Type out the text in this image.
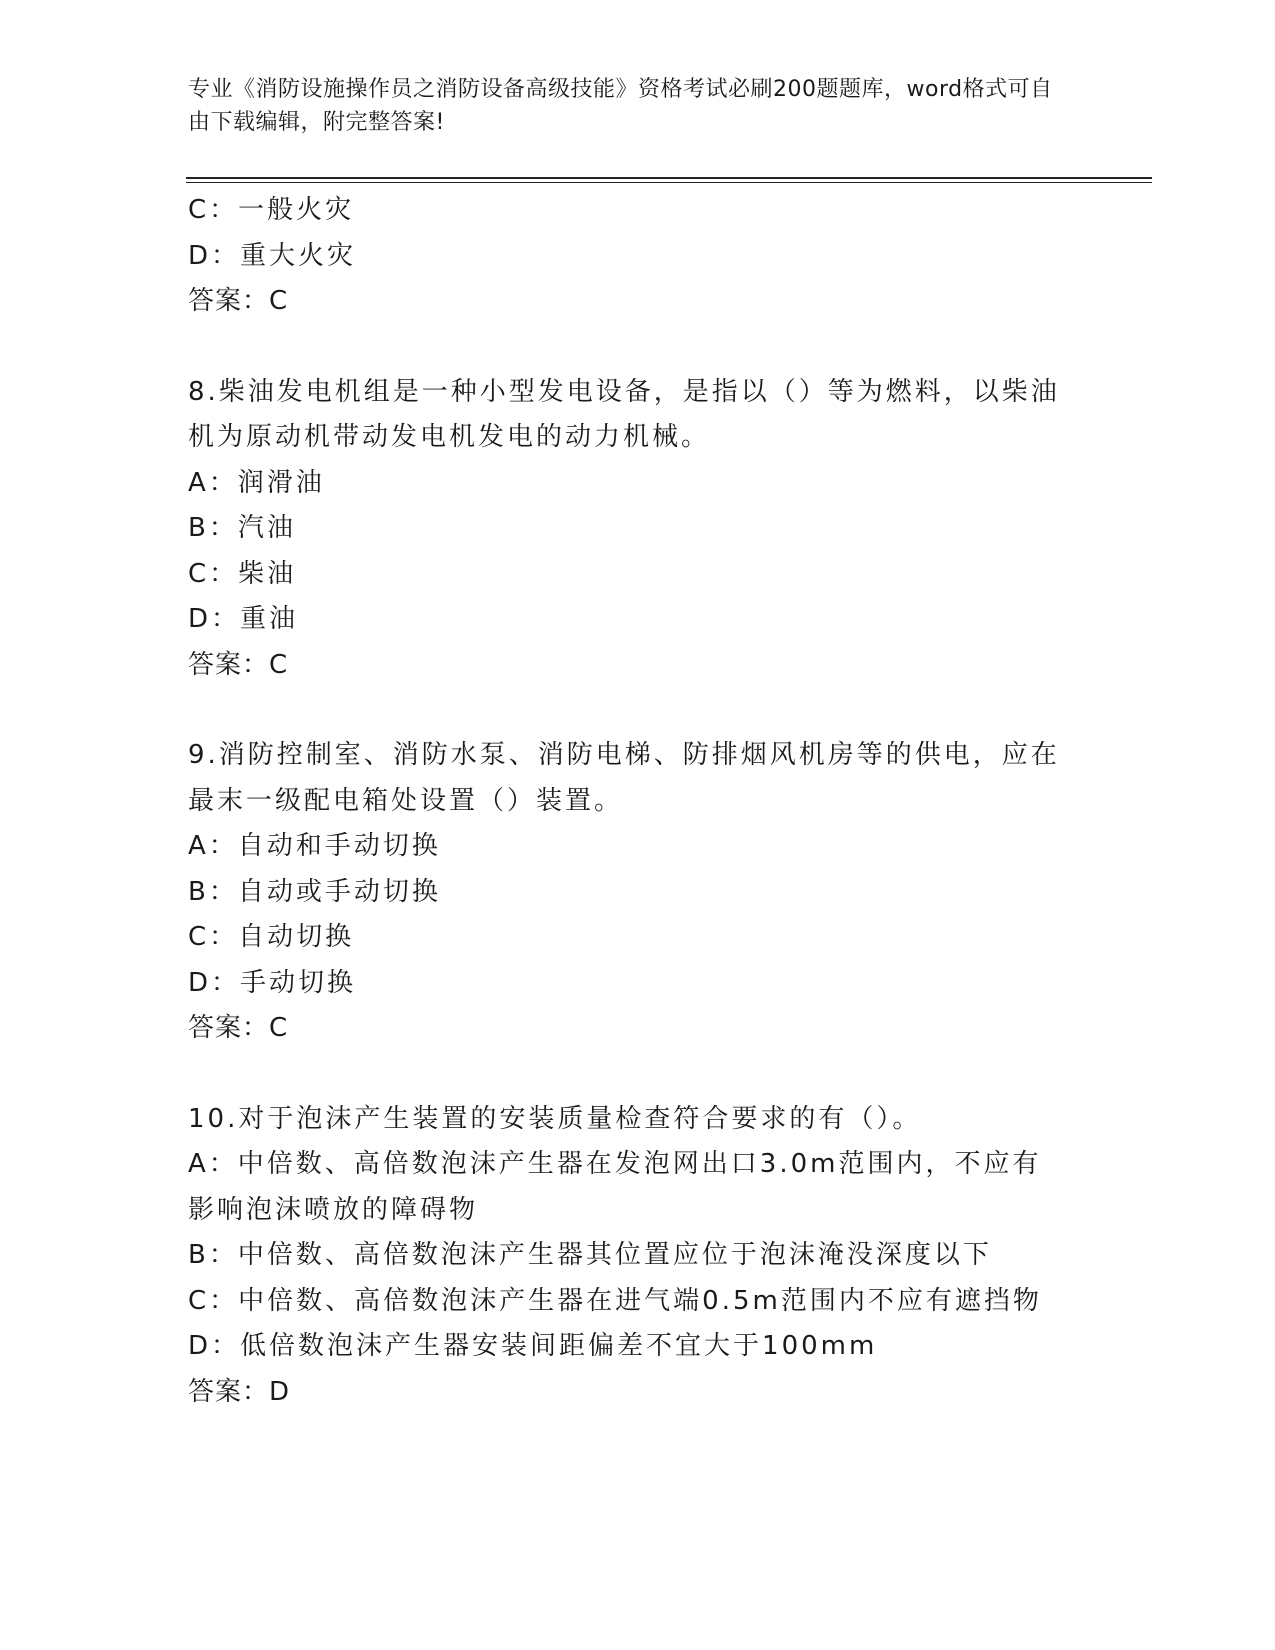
专业《消防设施操作员之消防设备高级技能》资格考试必刷200题题库，word格式可自由下载编辑，附完整答案!
C：一般火灾
D：重大火灾
答案：C
8.柴油发电机组是一种小型发电设备，是指以（）等为燃料，以柴油机为原动机带动发电机发电的动力机械。
A：润滑油
B：汽油
C：柴油
D：重油
答案：C
9.消防控制室、消防水泵、消防电梯、防排烟风机房等的供电，应在最末一级配电箱处设置（）装置。
A：自动和手动切换
B：自动或手动切换
C：自动切换
D：手动切换
答案：C
10.对于泡沫产生装置的安装质量检查符合要求的有（）。
A：中倍数、高倍数泡沫产生器在发泡网出口3.0m范围内，不应有影响泡沫喷放的障碍物
B：中倍数、高倍数泡沫产生器其位置应位于泡沫淹没深度以下
C：中倍数、高倍数泡沫产生器在进气端0.5m范围内不应有遮挡物
D：低倍数泡沫产生器安装间距偏差不宜大于100mm
答案：D
